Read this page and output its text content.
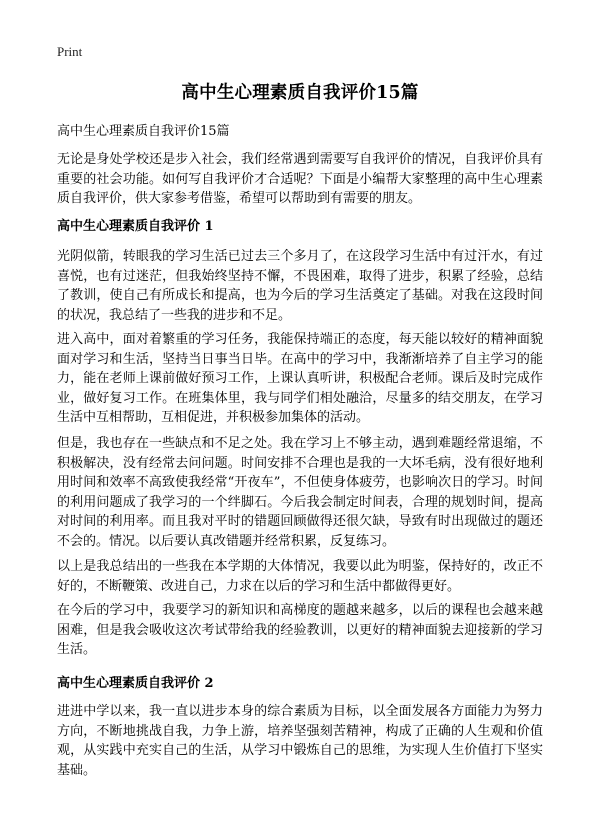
Print
高中生心理素质自我评价15篇
高中生心理素质自我评价15篇

无论是身处学校还是步入社会，我们经常遇到需要写自我评价的情况，自我评价具有重要的社会功能。如何写自我评价才合适呢？下面是小编帮大家整理的高中生心理素质自我评价，供大家参考借鉴，希望可以帮助到有需要的朋友。

高中生心理素质自我评价 1

光阴似箭，转眼我的学习生活已过去三个多月了，在这段学习生活中有过汗水，有过喜悦，也有过迷茫，但我始终坚持不懈，不畏困难，取得了进步，积累了经验，总结了教训，使自己有所成长和提高，也为今后的学习生活奠定了基础。对我在这段时间的状况，我总结了一些我的进步和不足。

进入高中，面对着繁重的学习任务，我能保持端正的态度，每天能以较好的精神面貌面对学习和生活，坚持当日事当日毕。在高中的学习中，我渐渐培养了自主学习的能力，能在老师上课前做好预习工作，上课认真听讲，积极配合老师。课后及时完成作业，做好复习工作。在班集体里，我与同学们相处融洽，尽量多的结交朋友，在学习生活中互相帮助，互相促进，并积极参加集体的活动。

但是，我也存在一些缺点和不足之处。我在学习上不够主动，遇到难题经常退缩，不积极解决，没有经常去问问题。时间安排不合理也是我的一大坏毛病，没有很好地利用时间和效率不高致使我经常“开夜车”，不但使身体疲劳，也影响次日的学习。时间的利用问题成了我学习的一个绊脚石。今后我会制定时间表，合理的规划时间，提高对时间的利用率。而且我对平时的错题回顾做得还很欠缺，导致有时出现做过的题还不会的。情况。以后要认真改错题并经常积累，反复练习。

以上是我总结出的一些我在本学期的大体情况，我要以此为明鉴，保持好的，改正不好的，不断鞭策、改进自己，力求在以后的学习和生活中都做得更好。

在今后的学习中，我要学习的新知识和高梯度的题越来越多，以后的课程也会越来越困难，但是我会吸收这次考试带给我的经验教训，以更好的精神面貌去迎接新的学习生活。

高中生心理素质自我评价 2

进进中学以来，我一直以进步本身的综合素质为目标，以全面发展各方面能力为努力方向，不断地挑战自我，力争上游，培养坚强刻苦精神，构成了正确的人生观和价值观，从实践中充实自己的生活，从学习中锻炼自己的思维，为实现人生价值打下坚实基础。
